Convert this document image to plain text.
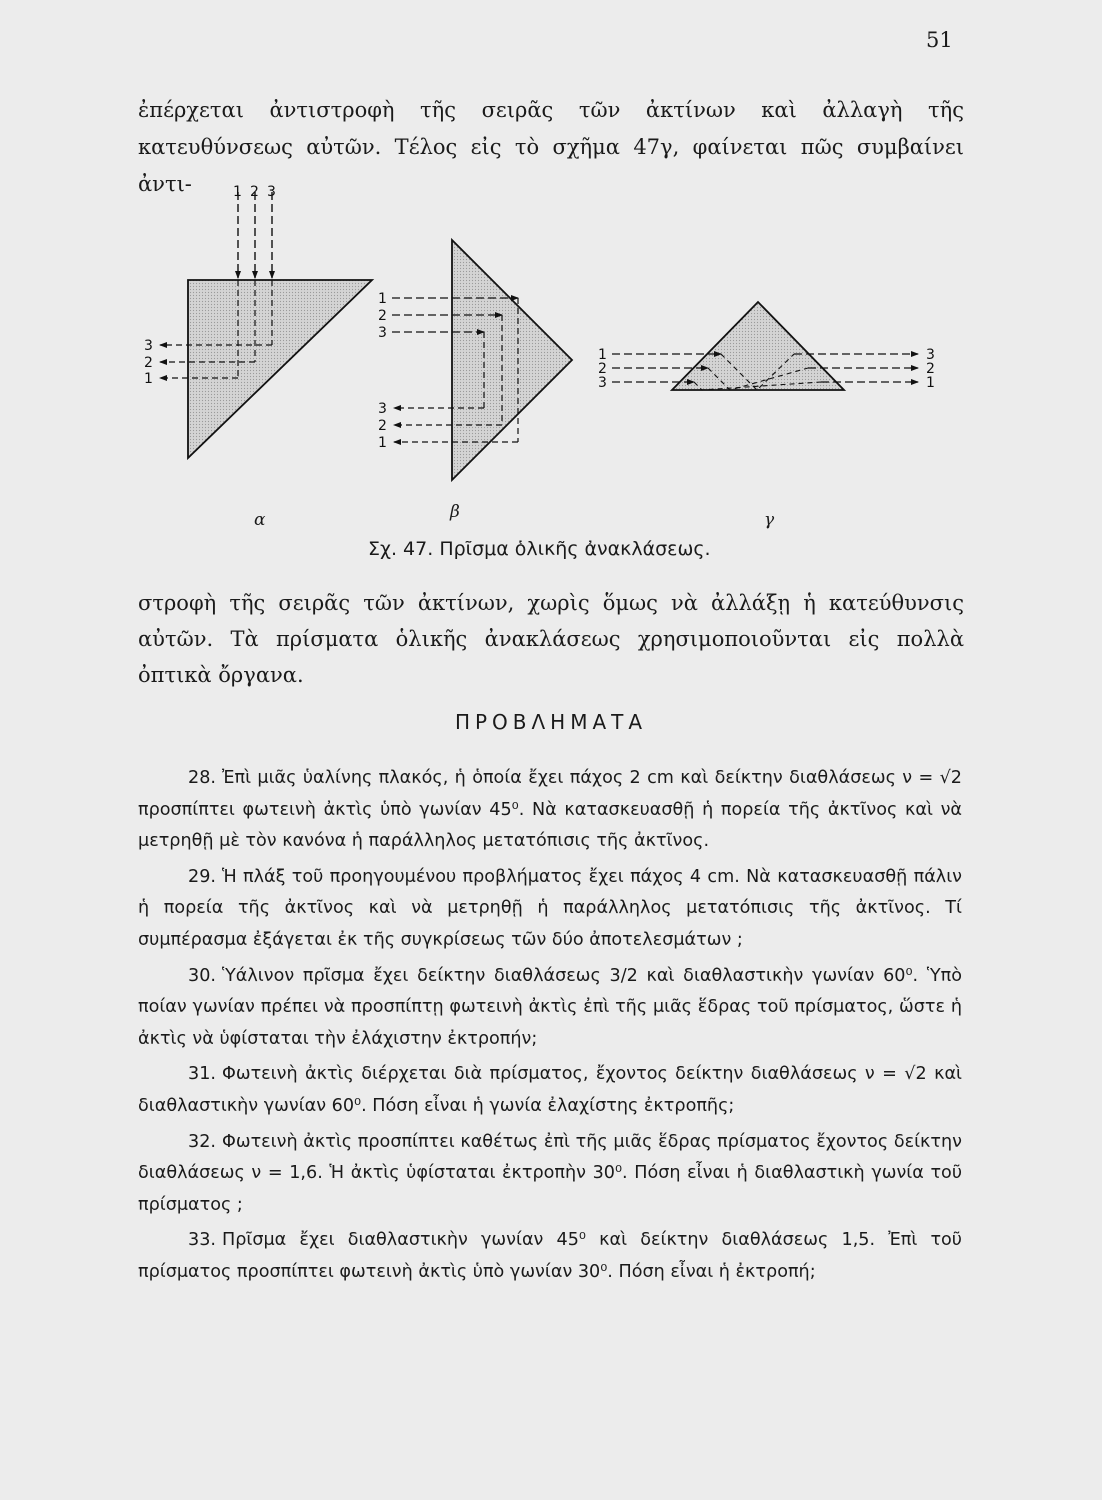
51
ἐπέρχεται ἀντιστροφὴ τῆς σειρᾶς τῶν ἀκτίνων καὶ ἀλλαγὴ τῆς κατευθύνσεως αὐτῶν. Τέλος εἰς τὸ σχῆμα 47γ, φαίνεται πῶς συμβαίνει ἀντι-	1 2 3
3
2
1
1
2
3
3
2
1
1
2
3
3
2
1
α	β	γ
Σχ. 47. Πρῖσμα ὁλικῆς ἀνακλάσεως.
στροφὴ τῆς σειρᾶς τῶν ἀκτίνων, χωρὶς ὅμως νὰ ἀλλάξῃ ἡ κατεύθυνσις αὐτῶν. Τὰ πρίσματα ὁλικῆς ἀνακλάσεως χρησιμοποιοῦνται εἰς πολλὰ ὀπτικὰ ὄργανα.
ΠΡΟΒΛΗΜΑΤΑ

28. Ἐπὶ μιᾶς ὑαλίνης πλακός, ἡ ὁποία ἔχει πάχος 2 cm καὶ δείκτην διαθλάσεως ν = √2 προσπίπτει φωτεινὴ ἀκτὶς ὑπὸ γωνίαν 45⁰. Νὰ κατασκευασθῇ ἡ πορεία τῆς ἀκτῖνος καὶ νὰ μετρηθῇ μὲ τὸν κανόνα ἡ παράλληλος μετατόπισις τῆς ἀκτῖνος.

29. Ἡ πλάξ τοῦ προηγουμένου προβλήματος ἔχει πάχος 4 cm. Νὰ κατασκευασθῇ πάλιν ἡ πορεία τῆς ἀκτῖνος καὶ νὰ μετρηθῇ ἡ παράλληλος μετατόπισις τῆς ἀκτῖνος. Τί συμπέρασμα ἐξάγεται ἐκ τῆς συγκρίσεως τῶν δύο ἀποτελεσμάτων ;

30. Ὑάλινον πρῖσμα ἔχει δείκτην διαθλάσεως 3/2 καὶ διαθλαστικὴν γωνίαν 60⁰. Ὑπὸ ποίαν γωνίαν πρέπει νὰ προσπίπτῃ φωτεινὴ ἀκτὶς ἐπὶ τῆς μιᾶς ἕδρας τοῦ πρίσματος, ὥστε ἡ ἀκτὶς νὰ ὑφίσταται τὴν ἐλάχιστην ἐκτροπήν;

31. Φωτεινὴ ἀκτὶς διέρχεται διὰ πρίσματος, ἔχοντος δείκτην διαθλάσεως ν = √2 καὶ διαθλαστικὴν γωνίαν 60⁰. Πόση εἶναι ἡ γωνία ἐλαχίστης ἐκτροπῆς;

32. Φωτεινὴ ἀκτὶς προσπίπτει καθέτως ἐπὶ τῆς μιᾶς ἕδρας πρίσματος ἔχοντος δείκτην διαθλάσεως ν = 1,6. Ἡ ἀκτὶς ὑφίσταται ἐκτροπὴν 30⁰. Πόση εἶναι ἡ διαθλαστικὴ γωνία τοῦ πρίσματος ;

33. Πρῖσμα ἔχει διαθλαστικὴν γωνίαν 45⁰ καὶ δείκτην διαθλάσεως 1,5. Ἐπὶ τοῦ πρίσματος προσπίπτει φωτεινὴ ἀκτὶς ὑπὸ γωνίαν 30⁰. Πόση εἶναι ἡ ἐκτροπή;
